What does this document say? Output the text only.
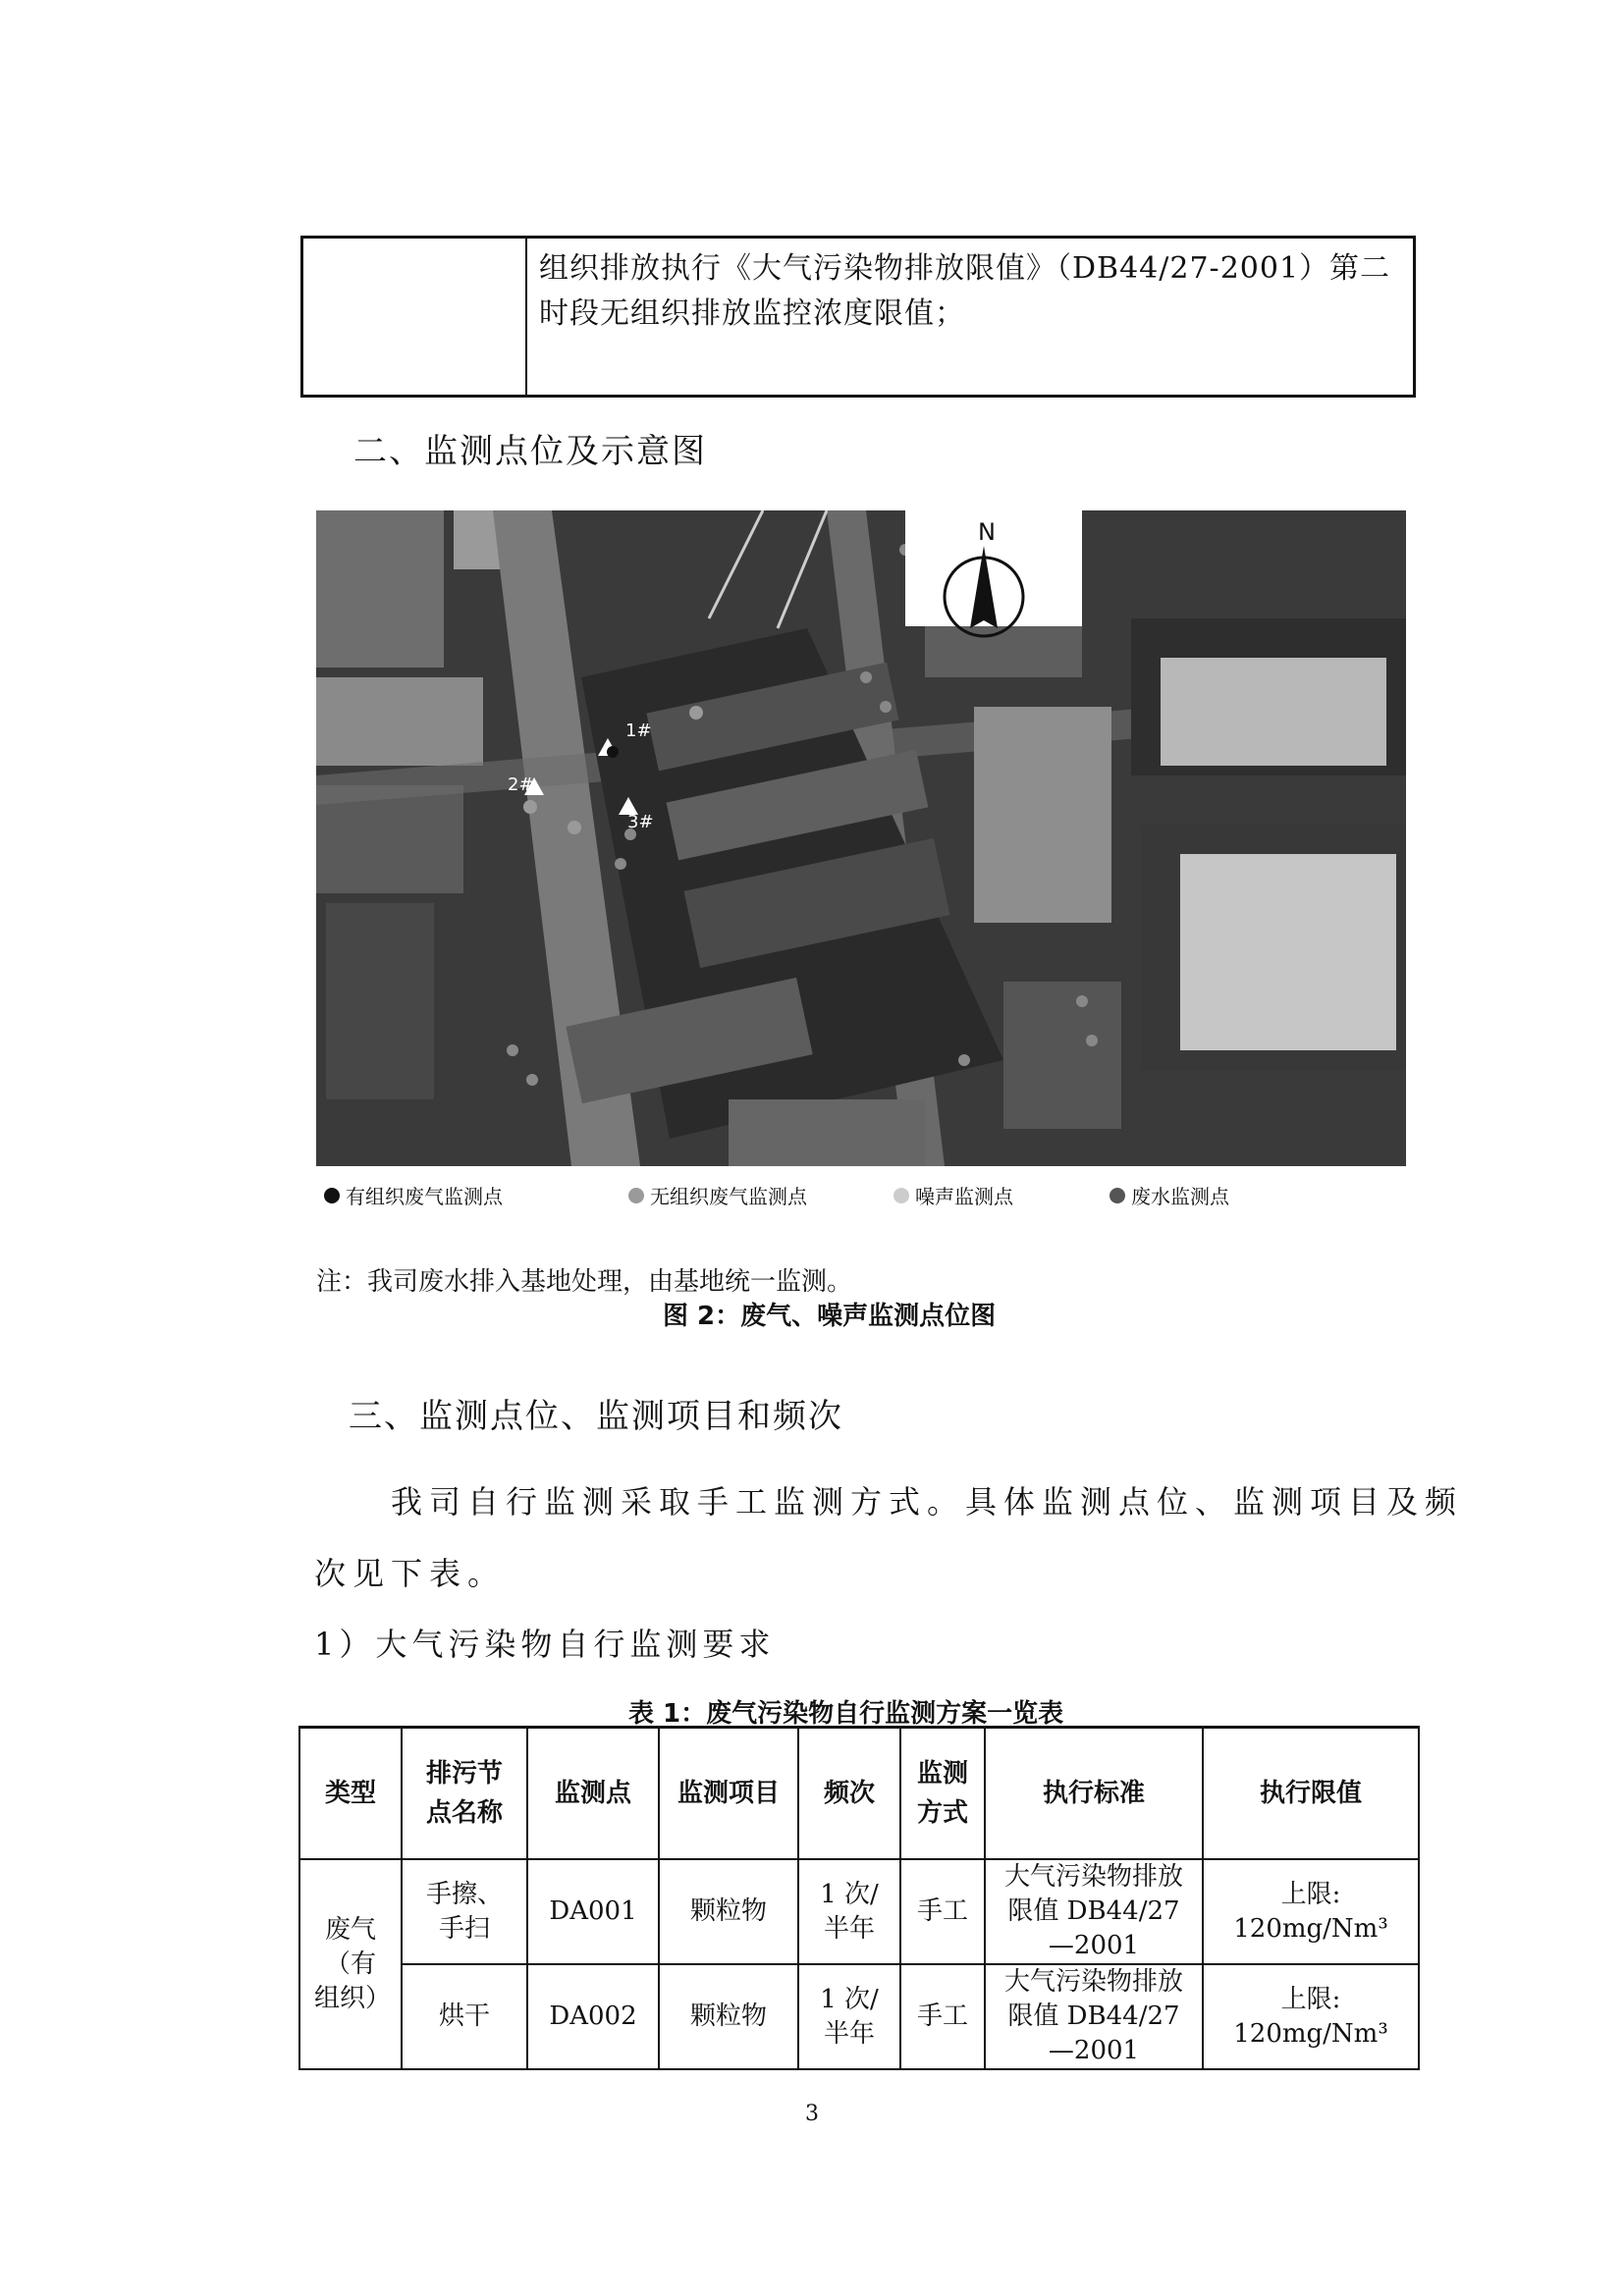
组织排放执行《大气污染物排放限值》（DB44/27-2001）第二
时段无组织排放监控浓度限值；
二、监测点位及示意图
N
1#
2#
3#
有组织废气监测点	无组织废气监测点	噪声监测点	废水监测点
注：我司废水排入基地处理，由基地统一监测。
图 2：废气、噪声监测点位图
三、监测点位、监测项目和频次
我司自行监测采取手工监测方式。具体监测点位、监测项目及频
次见下表。
1）大气污染物自行监测要求
表 1：废气污染物自行监测方案一览表
类型	排污节点名称	监测点	监测项目	频次	监测方式	执行标准	执行限值
废气（有组织）	手擦、手扫	DA001	颗粒物	1 次/半年	手工	大气污染物排放限值 DB44/27—2001	上限:
120mg/Nm³

	烘干	DA002	颗粒物	1 次/半年	手工	大气污染物排放限值 DB44/27—2001	上限:
120mg/Nm³
3
